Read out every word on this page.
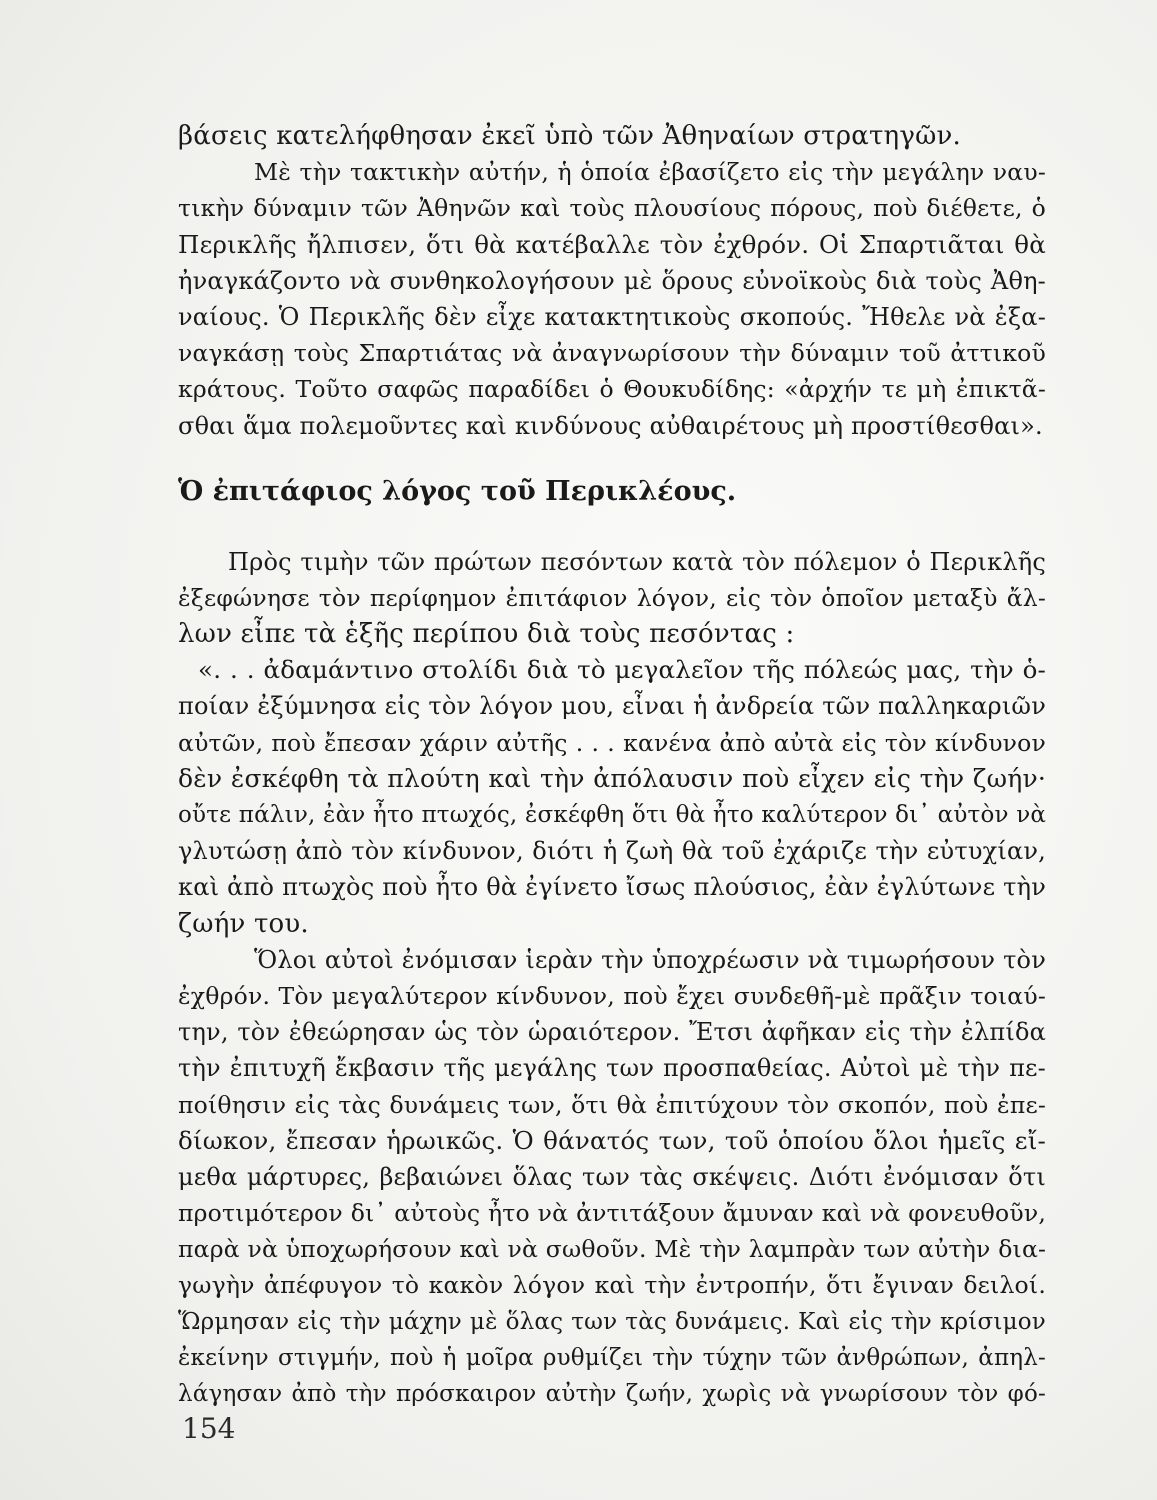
βάσεις κατελήφθησαν ἐκεῖ ὑπὸ τῶν Ἀθηναίων στρατηγῶν.
Μὲ τὴν τακτικὴν αὐτήν, ἡ ὁποία ἐβασίζετο εἰς τὴν μεγάλην ναυ-
τικὴν δύναμιν τῶν Ἀθηνῶν καὶ τοὺς πλουσίους πόρους, ποὺ διέθετε, ὁ
Περικλῆς ἤλπισεν, ὅτι θὰ κατέβαλλε τὸν ἐχθρόν. Οἱ Σπαρτιᾶται θὰ
ἠναγκάζοντο νὰ συνθηκολογήσουν μὲ ὅρους εὐνοϊκοὺς διὰ τοὺς Ἀθη-
ναίους. Ὁ Περικλῆς δὲν εἶχε κατακτητικοὺς σκοπούς. Ἤθελε νὰ ἐξα-
ναγκάσῃ τοὺς Σπαρτιάτας νὰ ἀναγνωρίσουν τὴν δύναμιν τοῦ ἀττικοῦ
κράτους. Τοῦτο σαφῶς παραδίδει ὁ Θουκυδίδης: «ἀρχήν τε μὴ ἐπικτᾶ-
σθαι ἅμα πολεμοῦντες καὶ κινδύνους αὐθαιρέτους μὴ προστίθεσθαι».
Ὁ ἐπιτάφιος λόγος τοῦ Περικλέους.
Πρὸς τιμὴν τῶν πρώτων πεσόντων κατὰ τὸν πόλεμον ὁ Περικλῆς
ἐξεφώνησε τὸν περίφημον ἐπιτάφιον λόγον, εἰς τὸν ὁποῖον μεταξὺ ἄλ-
λων εἶπε τὰ ἑξῆς περίπου διὰ τοὺς πεσόντας :
«. . . ἀδαμάντινο στολίδι διὰ τὸ μεγαλεῖον τῆς πόλεώς μας, τὴν ὁ-
ποίαν ἐξύμνησα εἰς τὸν λόγον μου, εἶναι ἡ ἀνδρεία τῶν παλληκαριῶν
αὐτῶν, ποὺ ἔπεσαν χάριν αὐτῆς . . . κανένα ἀπὸ αὐτὰ εἰς τὸν κίνδυνον
δὲν ἐσκέφθη τὰ πλούτη καὶ τὴν ἀπόλαυσιν ποὺ εἶχεν εἰς τὴν ζωήν·
οὔτε πάλιν, ἐὰν ἦτο πτωχός, ἐσκέφθη ὅτι θὰ ἦτο καλύτερον δι᾿ αὐτὸν νὰ
γλυτώσῃ ἀπὸ τὸν κίνδυνον, διότι ἡ ζωὴ θὰ τοῦ ἐχάριζε τὴν εὐτυχίαν,
καὶ ἀπὸ πτωχὸς ποὺ ἦτο θὰ ἐγίνετο ἴσως πλούσιος, ἐὰν ἐγλύτωνε τὴν
ζωήν του.
Ὅλοι αὐτοὶ ἐνόμισαν ἱερὰν τὴν ὑποχρέωσιν νὰ τιμωρήσουν τὸν
ἐχθρόν. Τὸν μεγαλύτερον κίνδυνον, ποὺ ἔχει συνδεθῆ-μὲ πρᾶξιν τοιαύ-
την, τὸν ἐθεώρησαν ὡς τὸν ὡραιότερον. Ἔτσι ἀφῆκαν εἰς τὴν ἐλπίδα
τὴν ἐπιτυχῆ ἔκβασιν τῆς μεγάλης των προσπαθείας. Αὐτοὶ μὲ τὴν πε-
ποίθησιν εἰς τὰς δυνάμεις των, ὅτι θὰ ἐπιτύχουν τὸν σκοπόν, ποὺ ἐπε-
δίωκον, ἔπεσαν ἡρωικῶς. Ὁ θάνατός των, τοῦ ὁποίου ὅλοι ἡμεῖς εἴ-
μεθα μάρτυρες, βεβαιώνει ὅλας των τὰς σκέψεις. Διότι ἐνόμισαν ὅτι
προτιμότερον δι᾿ αὐτοὺς ἦτο νὰ ἀντιτάξουν ἄμυναν καὶ νὰ φονευθοῦν,
παρὰ νὰ ὑποχωρήσουν καὶ νὰ σωθοῦν. Μὲ τὴν λαμπρὰν των αὐτὴν δια-
γωγὴν ἀπέφυγον τὸ κακὸν λόγον καὶ τὴν ἐντροπήν, ὅτι ἔγιναν δειλοί.
Ὥρμησαν εἰς τὴν μάχην μὲ ὅλας των τὰς δυνάμεις. Καὶ εἰς τὴν κρίσιμον
ἐκείνην στιγμήν, ποὺ ἡ μοῖρα ρυθμίζει τὴν τύχην τῶν ἀνθρώπων, ἀπηλ-
λάγησαν ἀπὸ τὴν πρόσκαιρον αὐτὴν ζωήν, χωρὶς νὰ γνωρίσουν τὸν φό-
154
